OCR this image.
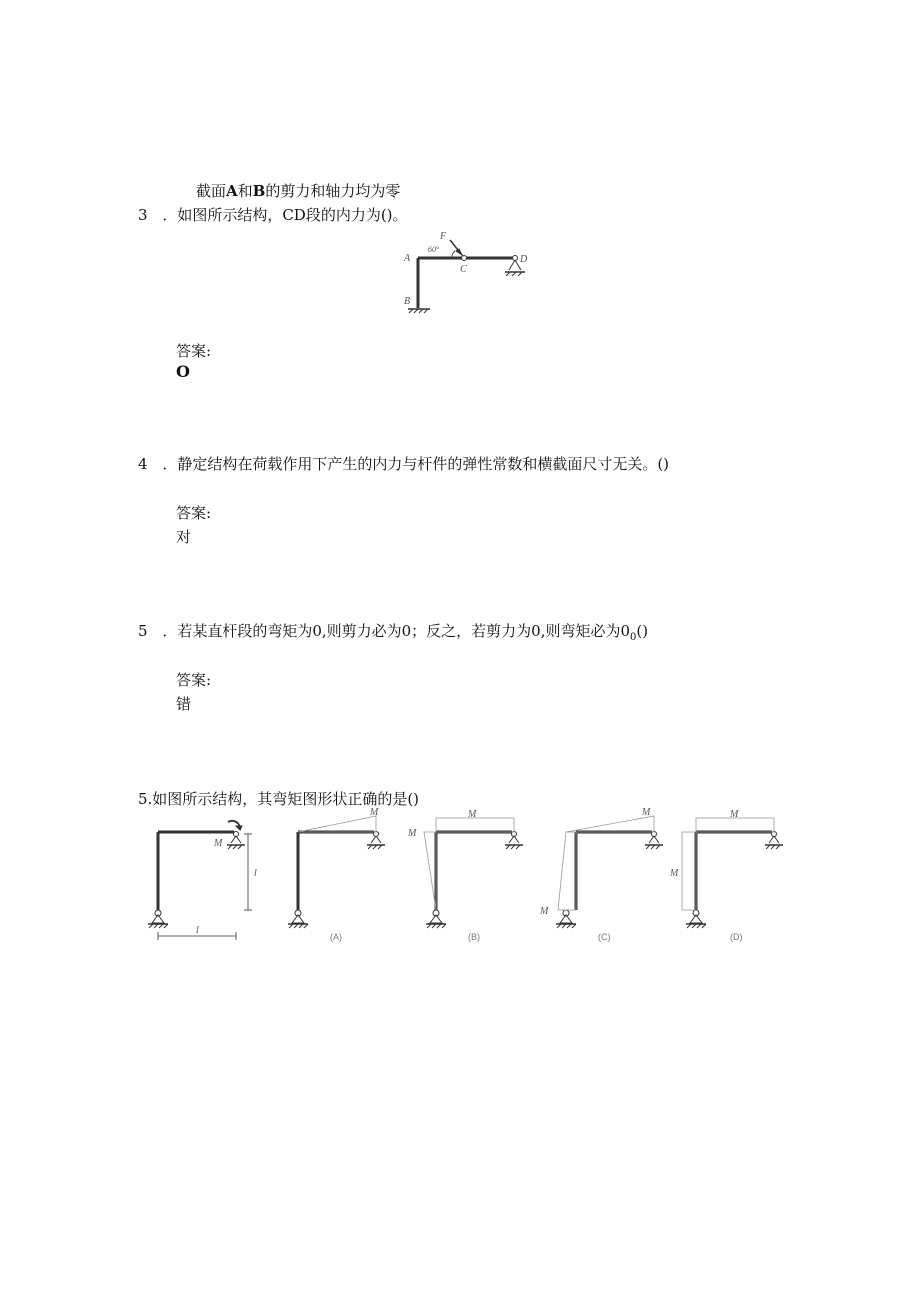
截面A和B的剪力和轴力均为零
3 ．如图所示结构，CD段的内力为()。
A
B
C
D
F
60°
答案:
O
4 ．静定结构在荷载作用下产生的内力与杆件的弹性常数和横截面尺寸无关。()
答案:
对
5 ．若某直杆段的弯矩为0,则剪力必为0；反之，若剪力为0,则弯矩必为$0_0()$
答案:
错
5.如图所示结构，其弯矩图形状正确的是()
M
l
l
M
(A)
M
M
(B)
M
M
(C)
M
M
(D)
